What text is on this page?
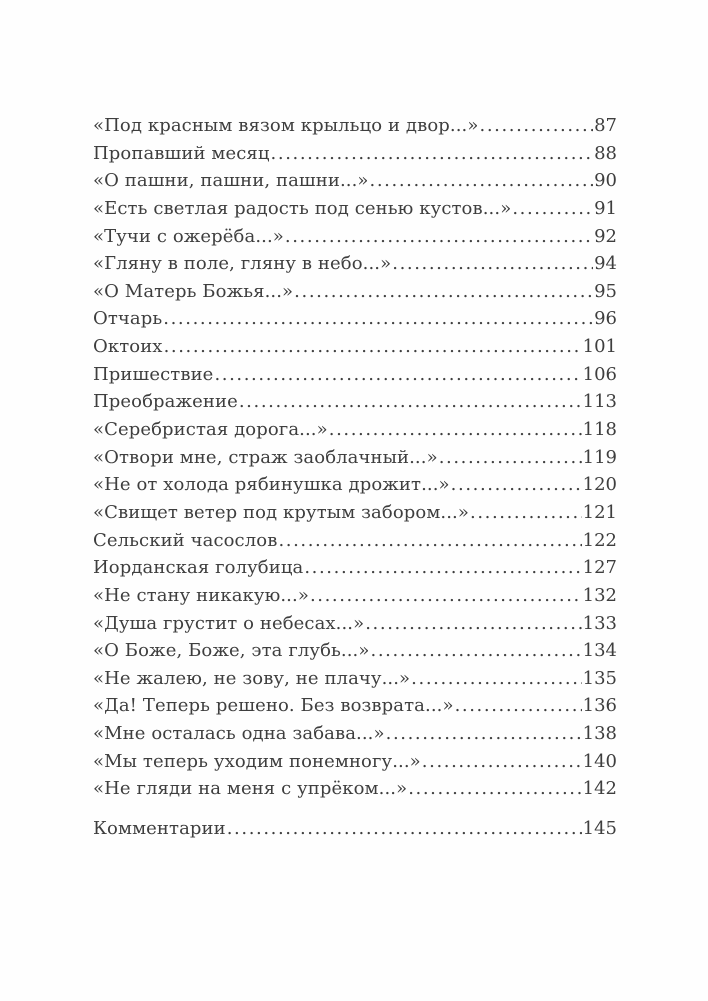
«Под красным вязом крыльцо и двор...» .....	87
Пропавший месяц .....	88
«О пашни, пашни, пашни...» .....	90
«Есть светлая радость под сенью кустов...» .....	91
«Тучи с ожерёба...» .....	92
«Гляну в поле, гляну в небо...» .....	94
«О Матерь Божья...» .....	95
Отчарь .....	96
Октоих .....	101
Пришествие .....	106
Преображение .....	113
«Серебристая дорога...» .....	118
«Отвори мне, страж заоблачный...» .....	119
«Не от холода рябинушка дрожит...» .....	120
«Свищет ветер под крутым забором...» .....	121
Сельский часослов .....	122
Иорданская голубица .....	127
«Не стану никакую...» .....	132
«Душа грустит о небесах...» .....	133
«О Боже, Боже, эта глубь...» .....	134
«Не жалею, не зову, не плачу...» .....	135
«Да! Теперь решено. Без возврата...» .....	136
«Мне осталась одна забава...» .....	138
«Мы теперь уходим понемногу...» .....	140
«Не гляди на меня с упрёком...» .....	142
Комментарии .....	145
